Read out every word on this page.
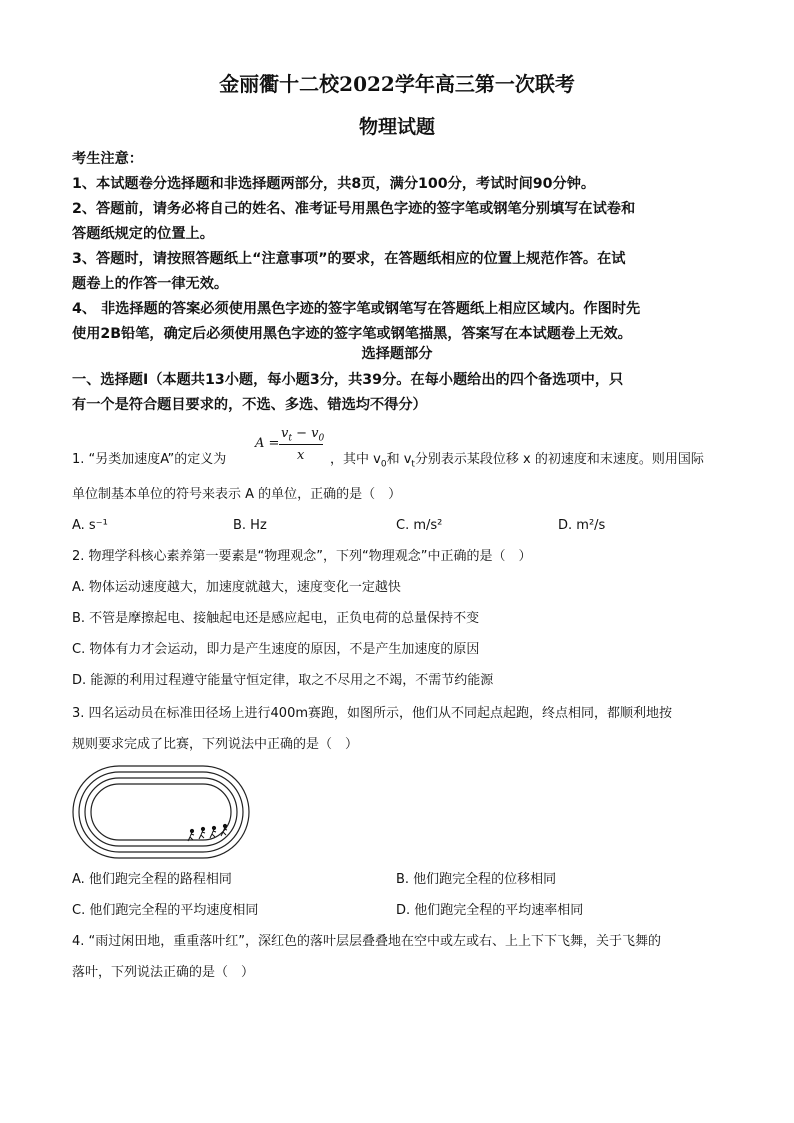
金丽衢十二校2022学年高三第一次联考
物理试题

考生注意：

1、本试题卷分选择题和非选择题两部分，共8页，满分100分，考试时间90分钟。

2、答题前，请务必将自己的姓名、准考证号用黑色字迹的签字笔或钢笔分别填写在试卷和

答题纸规定的位置上。

3、答题时，请按照答题纸上“注意事项”的要求，在答题纸相应的位置上规范作答。在试

题卷上的作答一律无效。

4、 非选择题的答案必须使用黑色字迹的签字笔或钢笔写在答题纸上相应区域内。作图时先

使用2B铅笔，确定后必须使用黑色字迹的签字笔或钢笔描黑，答案写在本试题卷上无效。

选择题部分
一、选择题Ⅰ（本题共13小题，每小题3分，共39分。在每小题给出的四个备选项中，只
有一个是符合题目要求的，不选、多选、错选均不得分）
A =
$v_t - v_0$
x
1. “另类加速度A”的定义为	，其中 $v_0$和 $v_t$分别表示某段位移 x 的初速度和末速度。则用国际
单位制基本单位的符号来表示 A 的单位，正确的是（　）
A. s⁻¹	B. Hz	C. m/s²	D. m²/s
2. 物理学科核心素养第一要素是“物理观念”，下列“物理观念”中正确的是（　）
A. 物体运动速度越大，加速度就越大，速度变化一定越快
B. 不管是摩擦起电、接触起电还是感应起电，正负电荷的总量保持不变
C. 物体有力才会运动，即力是产生速度的原因，不是产生加速度的原因
D. 能源的利用过程遵守能量守恒定律，取之不尽用之不竭，不需节约能源
3. 四名运动员在标准田径场上进行400m赛跑，如图所示，他们从不同起点起跑，终点相同，都顺利地按
规则要求完成了比赛，下列说法中正确的是（　）
A. 他们跑完全程的路程相同	B. 他们跑完全程的位移相同
C. 他们跑完全程的平均速度相同	D. 他们跑完全程的平均速率相同
4. “雨过闲田地，重重落叶红”，深红色的落叶层层叠叠地在空中或左或右、上上下下飞舞，关于飞舞的
落叶，下列说法正确的是（　）
